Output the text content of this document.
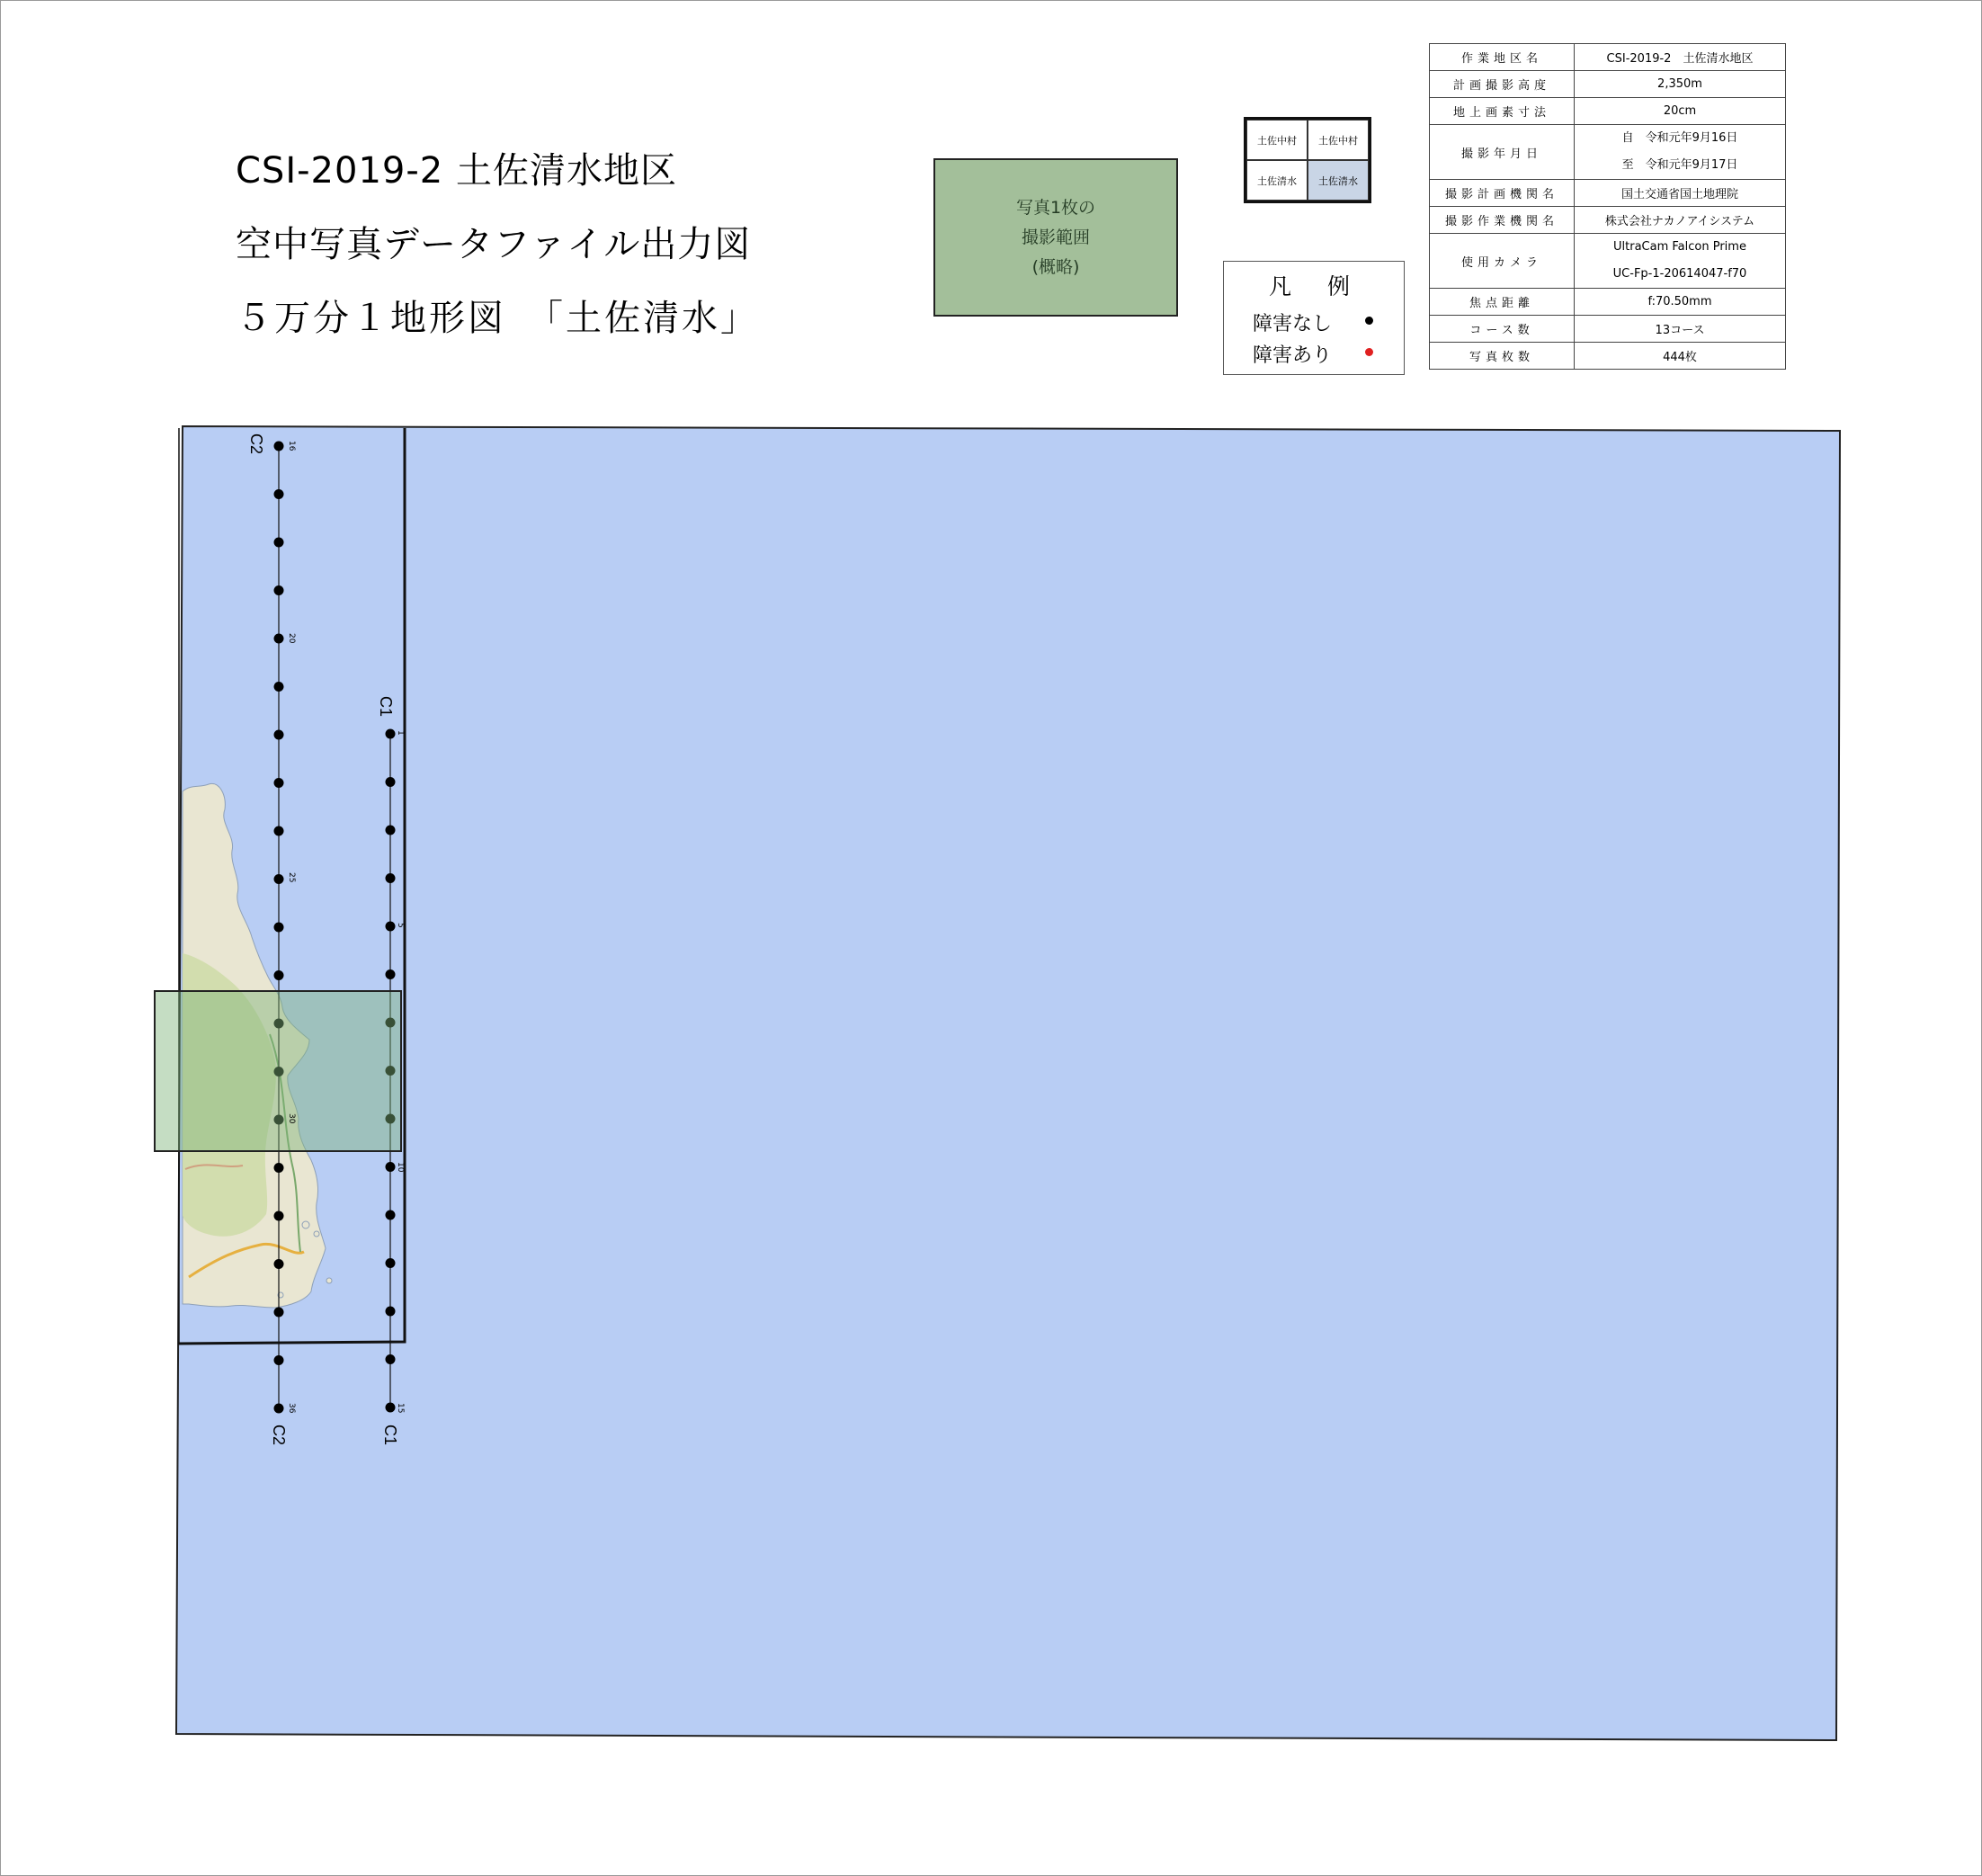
C2
C1
C2	C1
16
20
25
30
36
1
5
10
15
CSI-2019-2 土佐清水地区
空中写真データファイル出力図
５万分１地形図　「土佐清水」
写真1枚の
撮影範囲
(概略)
土佐中村	土佐中村
土佐清水	土佐清水
凡例
障害なし
障害あり
作業地区名	CSI-2019-2　土佐清水地区
計画撮影高度	2,350m
地上画素寸法	20cm
撮影年月日	自　令和元年9月16日
至　令和元年9月17日

撮影計画機関名	国土交通省国土地理院
撮影作業機関名	株式会社ナカノアイシステム
使用カメラ	UltraCam Falcon Prime
UC-Fp-1-20614047-f70

焦点距離	f:70.50mm
コース数	13コース
写真枚数	444枚
